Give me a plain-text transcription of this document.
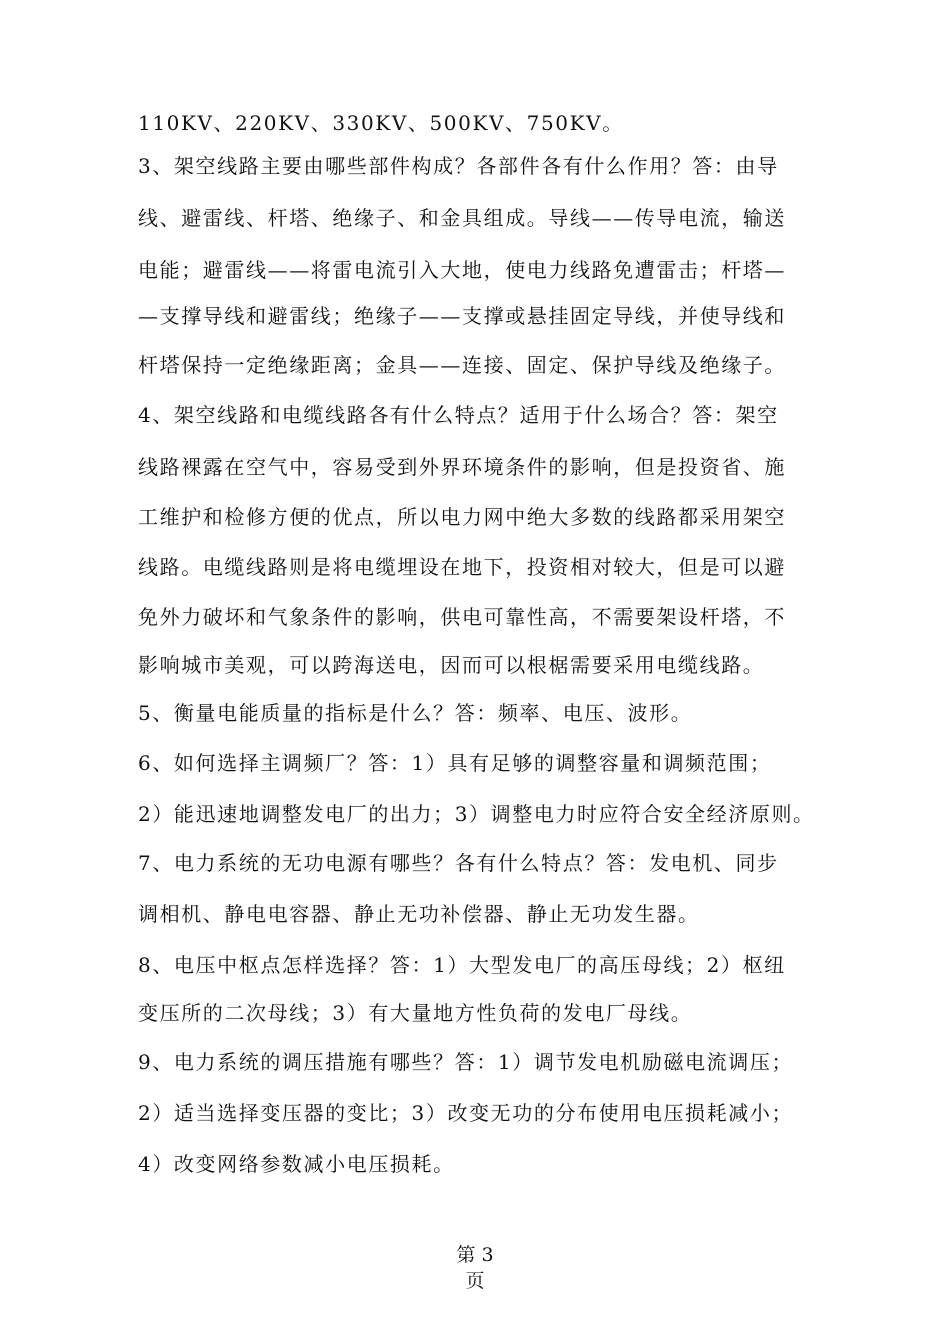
110KV、220KV、330KV、500KV、750KV。
3、架空线路主要由哪些部件构成？各部件各有什么作用？答：由导
线、避雷线、杆塔、绝缘子、和金具组成。导线——传导电流，输送
电能；避雷线——将雷电流引入大地，使电力线路免遭雷击；杆塔—
—支撑导线和避雷线；绝缘子——支撑或悬挂固定导线，并使导线和
杆塔保持一定绝缘距离；金具——连接、固定、保护导线及绝缘子。
4、架空线路和电缆线路各有什么特点？适用于什么场合？答：架空
线路裸露在空气中，容易受到外界环境条件的影响，但是投资省、施
工维护和检修方便的优点，所以电力网中绝大多数的线路都采用架空
线路。电缆线路则是将电缆埋设在地下，投资相对较大，但是可以避
免外力破坏和气象条件的影响，供电可靠性高，不需要架设杆塔，不
影响城市美观，可以跨海送电，因而可以根椐需要采用电缆线路。
5、衡量电能质量的指标是什么？答：频率、电压、波形。
6、如何选择主调频厂？答：1）具有足够的调整容量和调频范围；
2）能迅速地调整发电厂的出力；3）调整电力时应符合安全经济原则。
7、电力系统的无功电源有哪些？各有什么特点？答：发电机、同步
调相机、静电电容器、静止无功补偿器、静止无功发生器。
8、电压中枢点怎样选择？答：1）大型发电厂的高压母线；2）枢纽
变压所的二次母线；3）有大量地方性负荷的发电厂母线。
9、电力系统的调压措施有哪些？答：1）调节发电机励磁电流调压；
2）适当选择变压器的变比；3）改变无功的分布使用电压损耗减小；
4）改变网络参数减小电压损耗。
第 3
页
